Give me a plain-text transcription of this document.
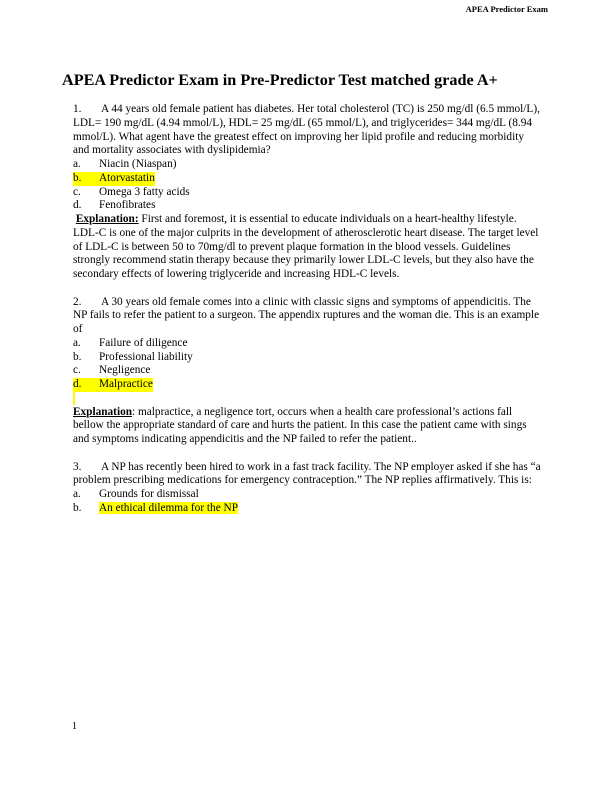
APEA Predictor Exam
APEA Predictor Exam in Pre-Predictor Test matched grade A+

1. A 44 years old female patient has diabetes. Her total cholesterol (TC) is 250 mg/dl (6.5 mmol/L), LDL= 190 mg/dL (4.94 mmol/L), HDL= 25 mg/dL (65 mmol/L), and triglycerides= 344 mg/dL (8.94 mmol/L). What agent have the greatest effect on improving her lipid profile and reducing morbidity and mortality associates with dyslipidemia?

a. Niacin (Niaspan)
b. Atorvastatin
c. Omega 3 fatty acids
d. Fenofibrates

Explanation: First and foremost, it is essential to educate individuals on a heart-healthy lifestyle. LDL-C is one of the major culprits in the development of atherosclerotic heart disease. The target level of LDL-C is between 50 to 70mg/dl to prevent plaque formation in the blood vessels. Guidelines strongly recommend statin therapy because they primarily lower LDL-C levels, but they also have the secondary effects of lowering triglyceride and increasing HDL-C levels.

2. A 30 years old female comes into a clinic with classic signs and symptoms of appendicitis. The NP fails to refer the patient to a surgeon. The appendix ruptures and the woman die. This is an example of

a. Failure of diligence
b. Professional liability
c. Negligence
d. Malpractice

Explanation: malpractice, a negligence tort, occurs when a health care professional’s actions fall bellow the appropriate standard of care and hurts the patient. In this case the patient came with sings and symptoms indicating appendicitis and the NP failed to refer the patient..

3. A NP has recently been hired to work in a fast track facility. The NP employer asked if she has “a problem prescribing medications for emergency contraception.” The NP replies affirmatively. This is:

a. Grounds for dismissal
b. An ethical dilemma for the NP
1
